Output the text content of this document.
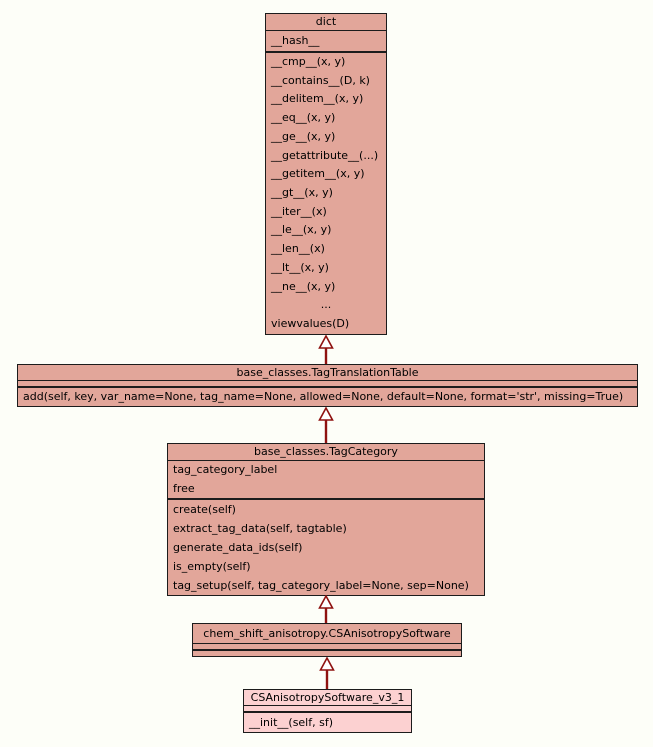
dict
__hash__
__cmp__(x, y)
__contains__(D, k)
__delitem__(x, y)
__eq__(x, y)
__ge__(x, y)
__getattribute__(...)
__getitem__(x, y)
__gt__(x, y)
__iter__(x)
__le__(x, y)
__len__(x)
__lt__(x, y)
__ne__(x, y)
...
viewvalues(D)
base_classes.TagTranslationTable
add(self, key, var_name=None, tag_name=None, allowed=None, default=None, format='str', missing=True)
base_classes.TagCategory
tag_category_label
free
create(self)
extract_tag_data(self, tagtable)
generate_data_ids(self)
is_empty(self)
tag_setup(self, tag_category_label=None, sep=None)
chem_shift_anisotropy.CSAnisotropySoftware
CSAnisotropySoftware_v3_1
__init__(self, sf)
